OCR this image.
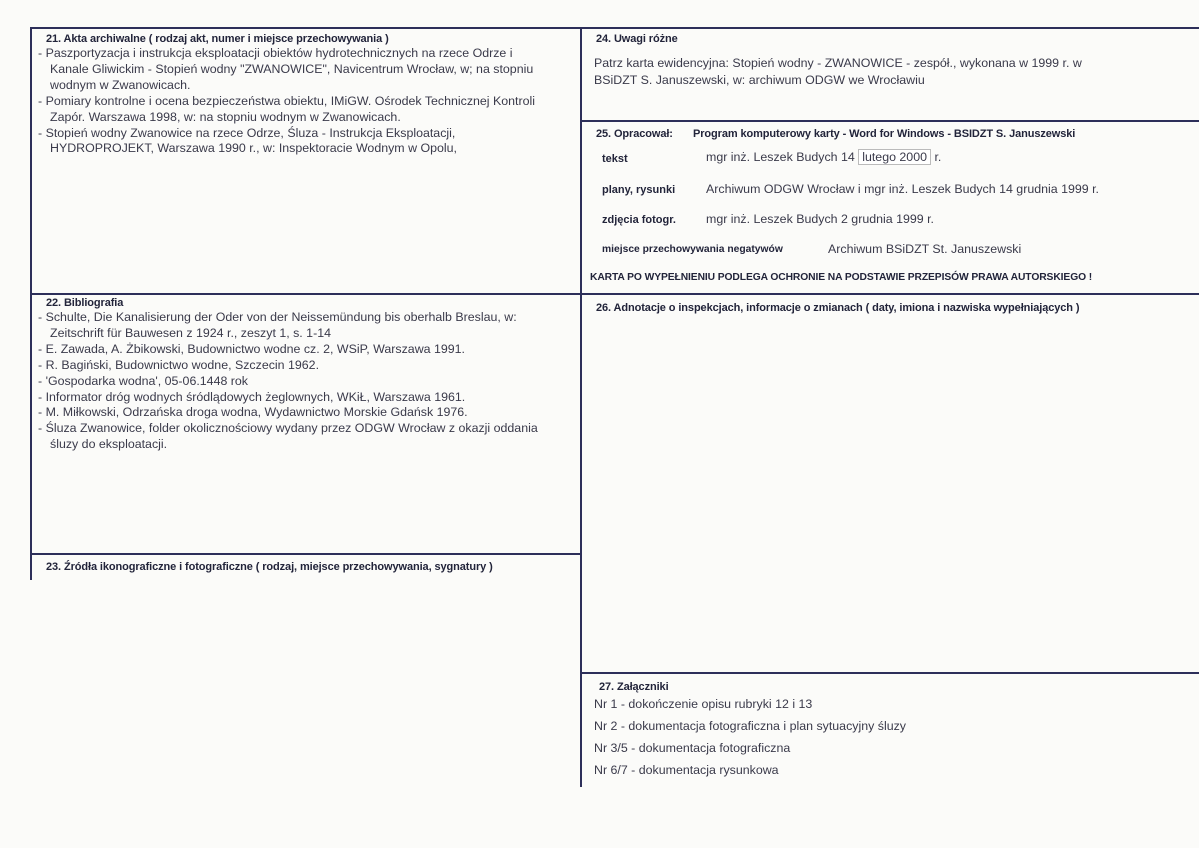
21. Akta archiwalne ( rodzaj akt, numer i miejsce przechowywania )
- Paszportyzacja i instrukcja eksploatacji obiektów hydrotechnicznych na rzece Odrze i Kanale Gliwickim - Stopień wodny "ZWANOWICE", Navicentrum Wrocław, w; na stopniu wodnym w Zwanowicach.
- Pomiary kontrolne i ocena bezpieczeństwa obiektu, IMiGW. Ośrodek Technicznej Kontroli Zapór. Warszawa 1998, w: na stopniu wodnym w Zwanowicach.
- Stopień wodny Zwanowice na rzece Odrze, Śluza - Instrukcja Eksploatacji, HYDROPROJEKT, Warszawa 1990 r., w: Inspektoracie Wodnym w Opolu,
22. Bibliografia
- Schulte, Die Kanalisierung der Oder von der Neissemündung bis oberhalb Breslau, w: Zeitschrift für Bauwesen z 1924 r., zeszyt 1, s. 1-14
- E. Zawada, A. Żbikowski, Budownictwo wodne cz. 2, WSiP, Warszawa 1991.
- R. Bagiński, Budownictwo wodne, Szczecin 1962.
- 'Gospodarka wodna', 05-06.1448 rok
- Informator dróg wodnych śródlądowych żeglownych, WKiŁ, Warszawa 1961.
- M. Miłkowski, Odrzańska droga wodna, Wydawnictwo Morskie Gdańsk 1976.
- Śluza Zwanowice, folder okolicznościowy wydany przez ODGW Wrocław z okazji oddania śluzy do eksploatacji.
23. Źródła ikonograficzne i fotograficzne ( rodzaj, miejsce przechowywania, sygnatury )
24. Uwagi różne
Patrz karta ewidencyjna: Stopień wodny - ZWANOWICE - zespół., wykonana w 1999 r. w
BSiDZT S. Januszewski, w: archiwum ODGW we Wrocławiu
25. Opracował: Program komputerowy karty - Word for Windows - BSIDZT S. Januszewski
tekst	mgr inż. Leszek Budych 14 lutego 2000 r.
plany, rysunki Archiwum ODGW Wrocław i mgr inż. Leszek Budych 14 grudnia 1999 r.
zdjęcia fotogr. mgr inż. Leszek Budych 2 grudnia 1999 r.
miejsce przechowywania negatywów	Archiwum BSiDZT St. Januszewski
KARTA PO WYPEŁNIENIU PODLEGA OCHRONIE NA PODSTAWIE PRZEPISÓW PRAWA AUTORSKIEGO !
26. Adnotacje o inspekcjach, informacje o zmianach ( daty, imiona i nazwiska wypełniających )
27. Załączniki
Nr 1 - dokończenie opisu rubryki 12 i 13
Nr 2 - dokumentacja fotograficzna i plan sytuacyjny śluzy
Nr 3/5 - dokumentacja fotograficzna
Nr 6/7 - dokumentacja rysunkowa
